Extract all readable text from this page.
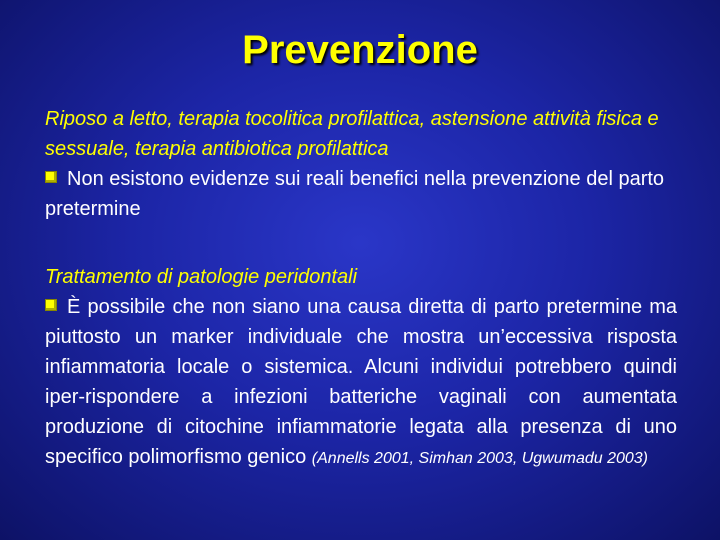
Prevenzione
Riposo a letto, terapia tocolitica profilattica, astensione attività fisica e sessuale, terapia antibiotica profilattica
Non esistono evidenze sui reali benefici nella prevenzione del parto pretermine
Trattamento di patologie peridontali
È possibile che non siano una causa diretta di parto pretermine ma piuttosto un marker individuale che mostra un’eccessiva risposta infiammatoria locale o sistemica. Alcuni individui potrebbero quindi iper-rispondere a infezioni batteriche vaginali con aumentata produzione di citochine infiammatorie legata alla presenza di uno specifico polimorfismo genico (Annells 2001, Simhan 2003, Ugwumadu 2003)
